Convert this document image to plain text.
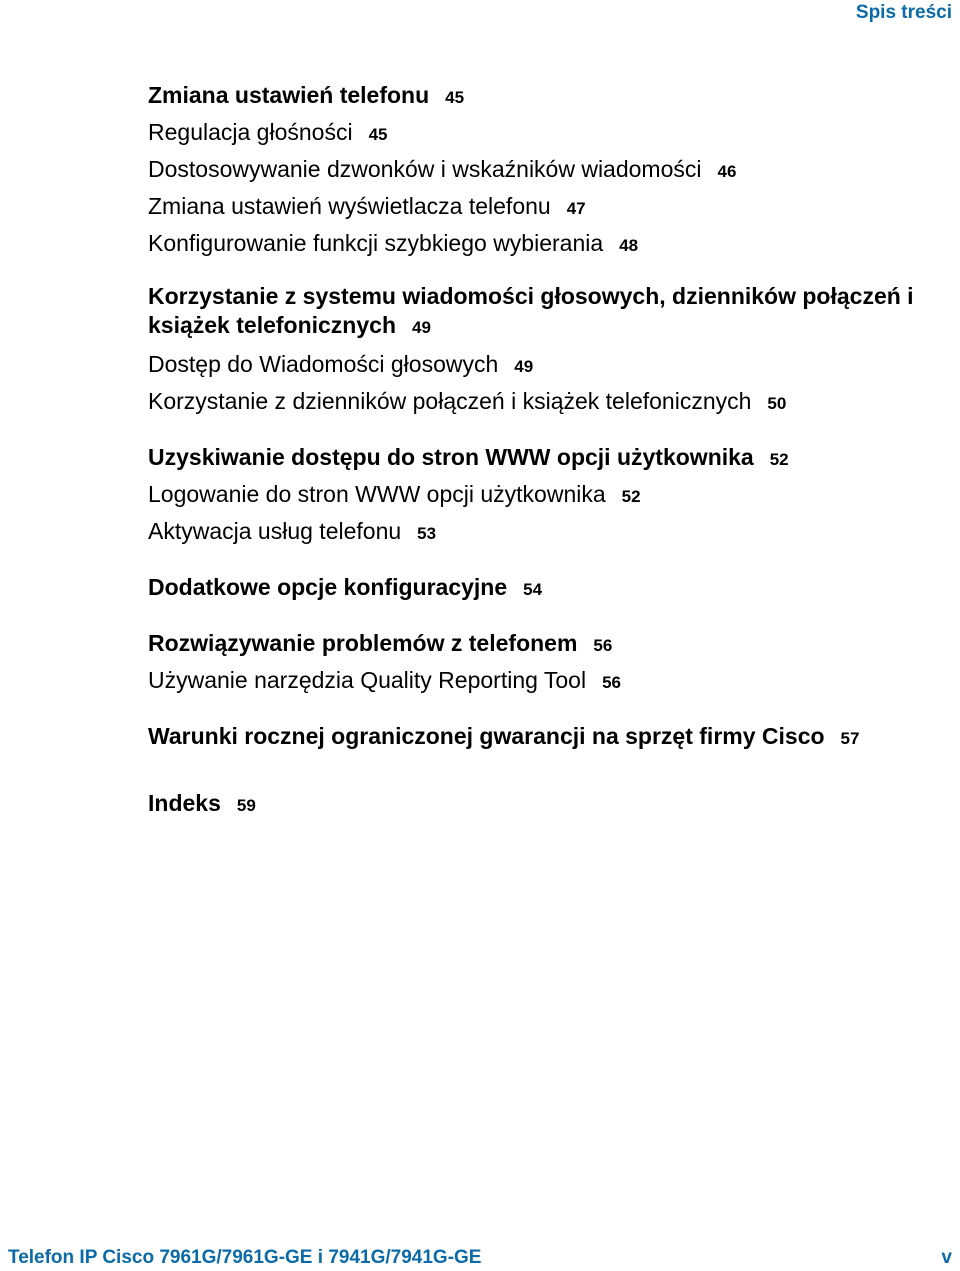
Spis treści
Zmiana ustawień telefonu 45
Regulacja głośności 45
Dostosowywanie dzwonków i wskaźników wiadomości 46
Zmiana ustawień wyświetlacza telefonu 47
Konfigurowanie funkcji szybkiego wybierania 48
Korzystanie z systemu wiadomości głosowych, dzienników połączeń i książek telefonicznych 49
Dostęp do Wiadomości głosowych 49
Korzystanie z dzienników połączeń i książek telefonicznych 50
Uzyskiwanie dostępu do stron WWW opcji użytkownika 52
Logowanie do stron WWW opcji użytkownika 52
Aktywacja usług telefonu 53
Dodatkowe opcje konfiguracyjne 54
Rozwiązywanie problemów z telefonem 56
Używanie narzędzia Quality Reporting Tool 56
Warunki rocznej ograniczonej gwarancji na sprzęt firmy Cisco 57
Indeks 59
Telefon IP Cisco 7961G/7961G-GE i 7941G/7941G-GE	v
